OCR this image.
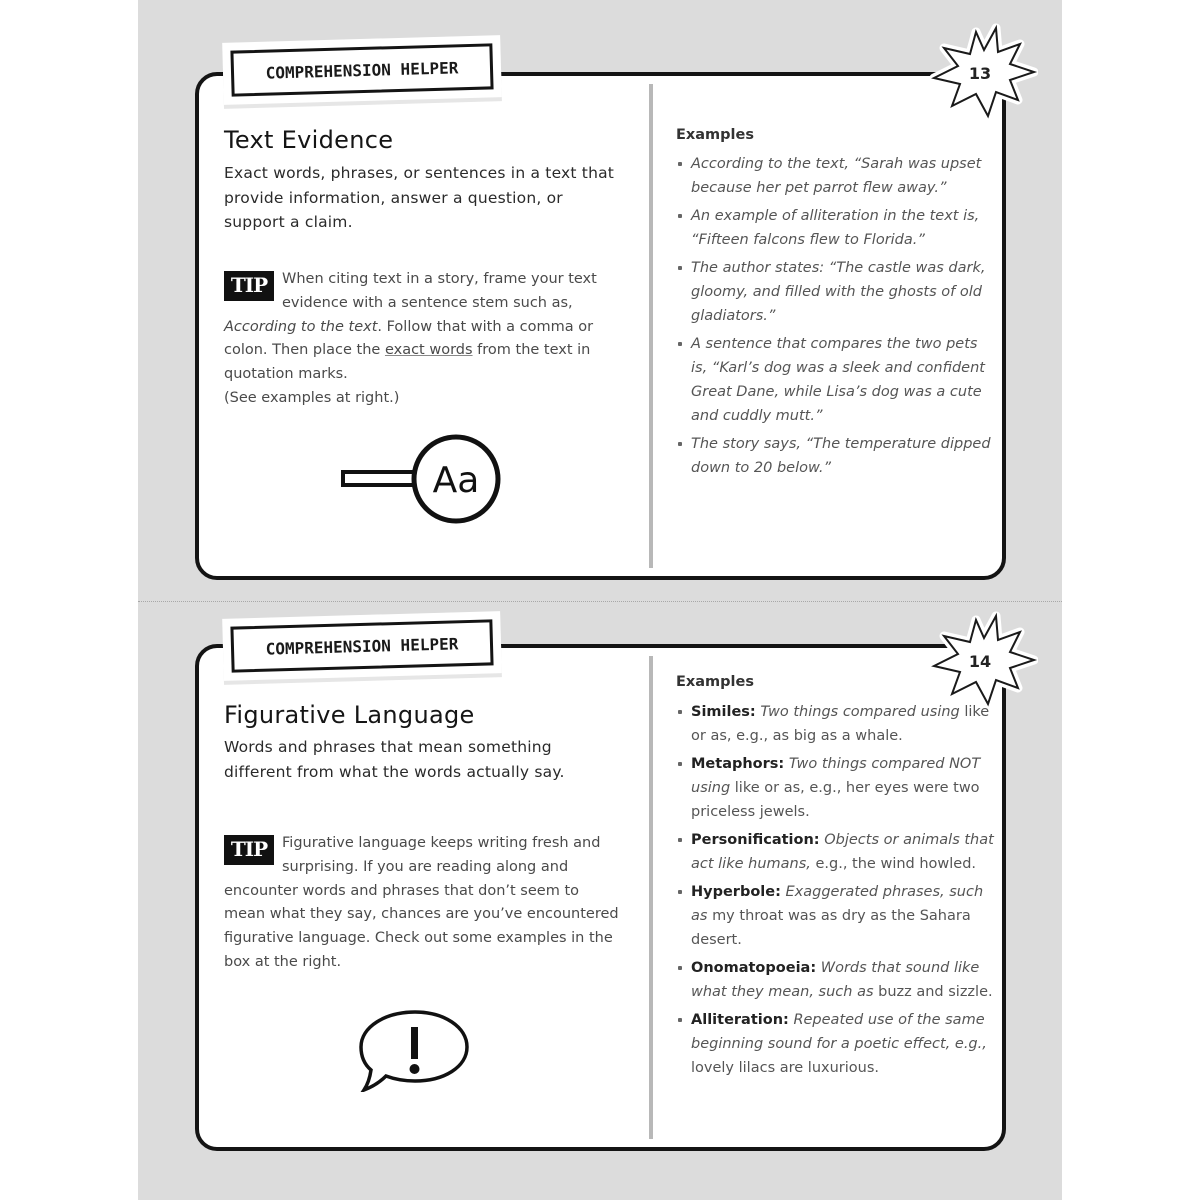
COMPREHENSION HELPER	13
Text Evidence
Exact words, phrases, or sentences in a text that provide information, answer a question, or support a claim.
TIP	When citing text in a story, frame your text evidence with a sentence stem such as, According to the text. Follow that with a comma or colon. Then place the exact words from the text in quotation marks.
(See examples at right.)
Aa
Examples
According to the text, “Sarah was upset because her pet parrot flew away.”
An example of alliteration in the text is, “Fifteen falcons flew to Florida.”
The author states: “The castle was dark, gloomy, and filled with the ghosts of old gladiators.”
A sentence that compares the two pets is, “Karl’s dog was a sleek and confident Great Dane, while Lisa’s dog was a cute and cuddly mutt.”
The story says, “The temperature dipped down to 20 below.”
COMPREHENSION HELPER
14
Figurative Language
Words and phrases that mean something different from what the words actually say.
TIP	Figurative language keeps writing fresh and surprising. If you are reading along and encounter words and phrases that don’t seem to mean what they say, chances are you’ve encountered figurative language. Check out some examples in the box at the right.
Examples
Similes: Two things compared using like or as, e.g., as big as a whale.
Metaphors: Two things compared NOT using like or as, e.g., her eyes were two priceless jewels.
Personification: Objects or animals that act like humans, e.g., the wind howled.
Hyperbole: Exaggerated phrases, such as my throat was as dry as the Sahara desert.
Onomatopoeia: Words that sound like what they mean, such as buzz and sizzle.
Alliteration: Repeated use of the same beginning sound for a poetic effect, e.g., lovely lilacs are luxurious.
